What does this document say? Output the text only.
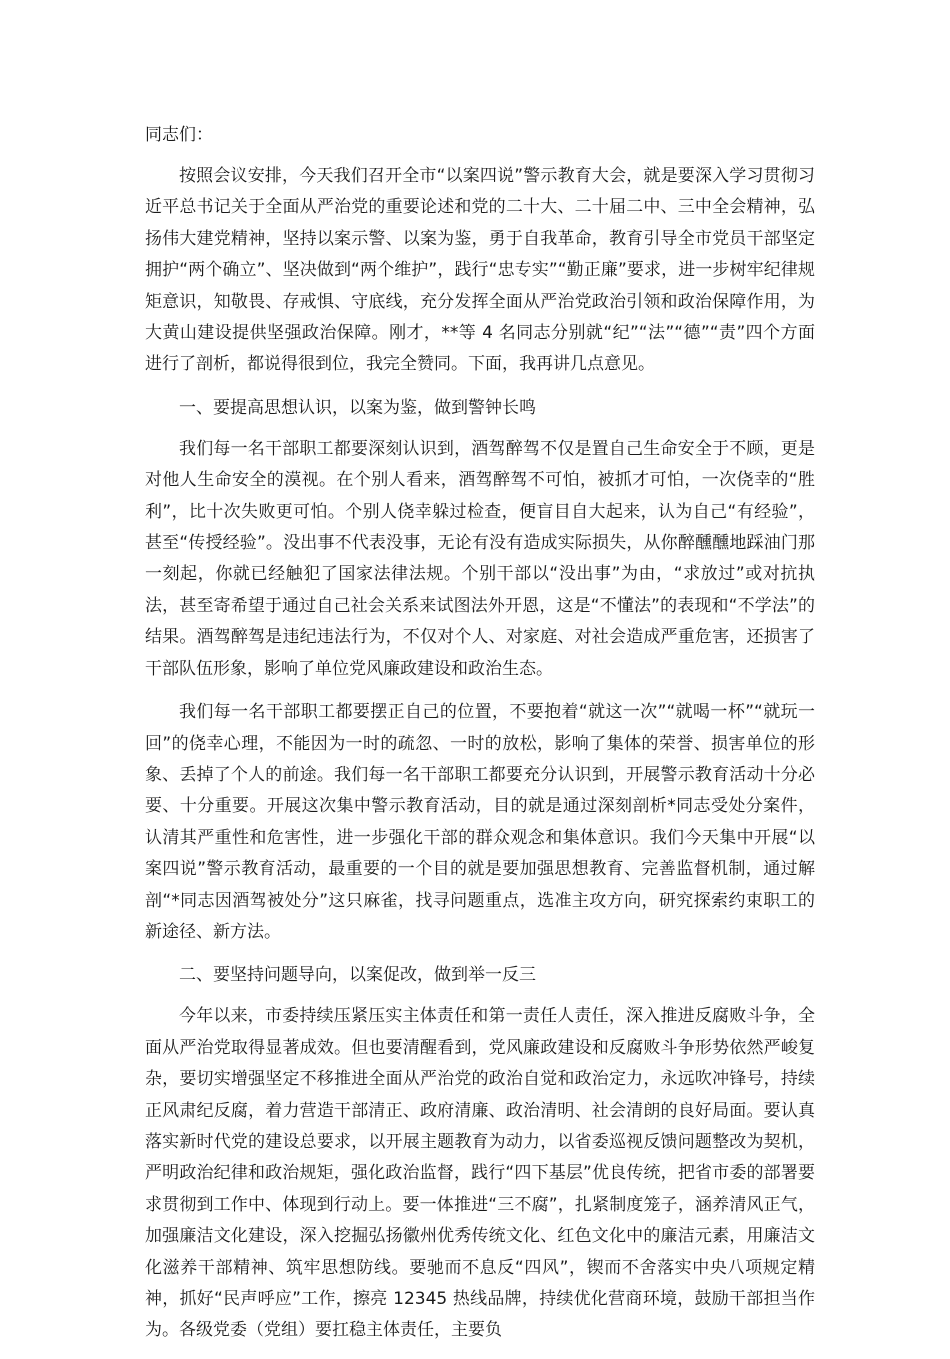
同志们：

按照会议安排，今天我们召开全市“以案四说”警示教育大会，就是要深入学习贯彻习近平总书记关于全面从严治党的重要论述和党的二十大、二十届二中、三中全会精神，弘扬伟大建党精神，坚持以案示警、以案为鉴，勇于自我革命，教育引导全市党员干部坚定拥护“两个确立”、坚决做到“两个维护”，践行“忠专实”“勤正廉”要求，进一步树牢纪律规矩意识，知敬畏、存戒惧、守底线，充分发挥全面从严治党政治引领和政治保障作用，为大黄山建设提供坚强政治保障。刚才，**等 4 名同志分别就“纪”“法”“德”“责”四个方面进行了剖析，都说得很到位，我完全赞同。下面，我再讲几点意见。

一、要提高思想认识，以案为鉴，做到警钟长鸣

我们每一名干部职工都要深刻认识到，酒驾醉驾不仅是置自己生命安全于不顾，更是对他人生命安全的漠视。在个别人看来，酒驾醉驾不可怕，被抓才可怕，一次侥幸的“胜利”，比十次失败更可怕。个别人侥幸躲过检查，便盲目自大起来，认为自己“有经验”，甚至“传授经验”。没出事不代表没事，无论有没有造成实际损失，从你醉醺醺地踩油门那一刻起，你就已经触犯了国家法律法规。个别干部以“没出事”为由，“求放过”或对抗执法，甚至寄希望于通过自己社会关系来试图法外开恩，这是“不懂法”的表现和“不学法”的结果。酒驾醉驾是违纪违法行为，不仅对个人、对家庭、对社会造成严重危害，还损害了干部队伍形象，影响了单位党风廉政建设和政治生态。

我们每一名干部职工都要摆正自己的位置，不要抱着“就这一次”“就喝一杯”“就玩一回”的侥幸心理，不能因为一时的疏忽、一时的放松，影响了集体的荣誉、损害单位的形象、丢掉了个人的前途。我们每一名干部职工都要充分认识到，开展警示教育活动十分必要、十分重要。开展这次集中警示教育活动，目的就是通过深刻剖析*同志受处分案件，认清其严重性和危害性，进一步强化干部的群众观念和集体意识。我们今天集中开展“以案四说”警示教育活动，最重要的一个目的就是要加强思想教育、完善监督机制，通过解剖“*同志因酒驾被处分”这只麻雀，找寻问题重点，选准主攻方向，研究探索约束职工的新途径、新方法。

二、要坚持问题导向，以案促改，做到举一反三

今年以来，市委持续压紧压实主体责任和第一责任人责任，深入推进反腐败斗争，全面从严治党取得显著成效。但也要清醒看到，党风廉政建设和反腐败斗争形势依然严峻复杂，要切实增强坚定不移推进全面从严治党的政治自觉和政治定力，永远吹冲锋号，持续正风肃纪反腐，着力营造干部清正、政府清廉、政治清明、社会清朗的良好局面。要认真落实新时代党的建设总要求，以开展主题教育为动力，以省委巡视反馈问题整改为契机，严明政治纪律和政治规矩，强化政治监督，践行“四下基层”优良传统，把省市委的部署要求贯彻到工作中、体现到行动上。要一体推进“三不腐”，扎紧制度笼子，涵养清风正气，加强廉洁文化建设，深入挖掘弘扬徽州优秀传统文化、红色文化中的廉洁元素，用廉洁文化滋养干部精神、筑牢思想防线。要驰而不息反“四风”，锲而不舍落实中央八项规定精神，抓好“民声呼应”工作，擦亮 12345 热线品牌，持续优化营商环境，鼓励干部担当作为。各级党委（党组）要扛稳主体责任，主要负
